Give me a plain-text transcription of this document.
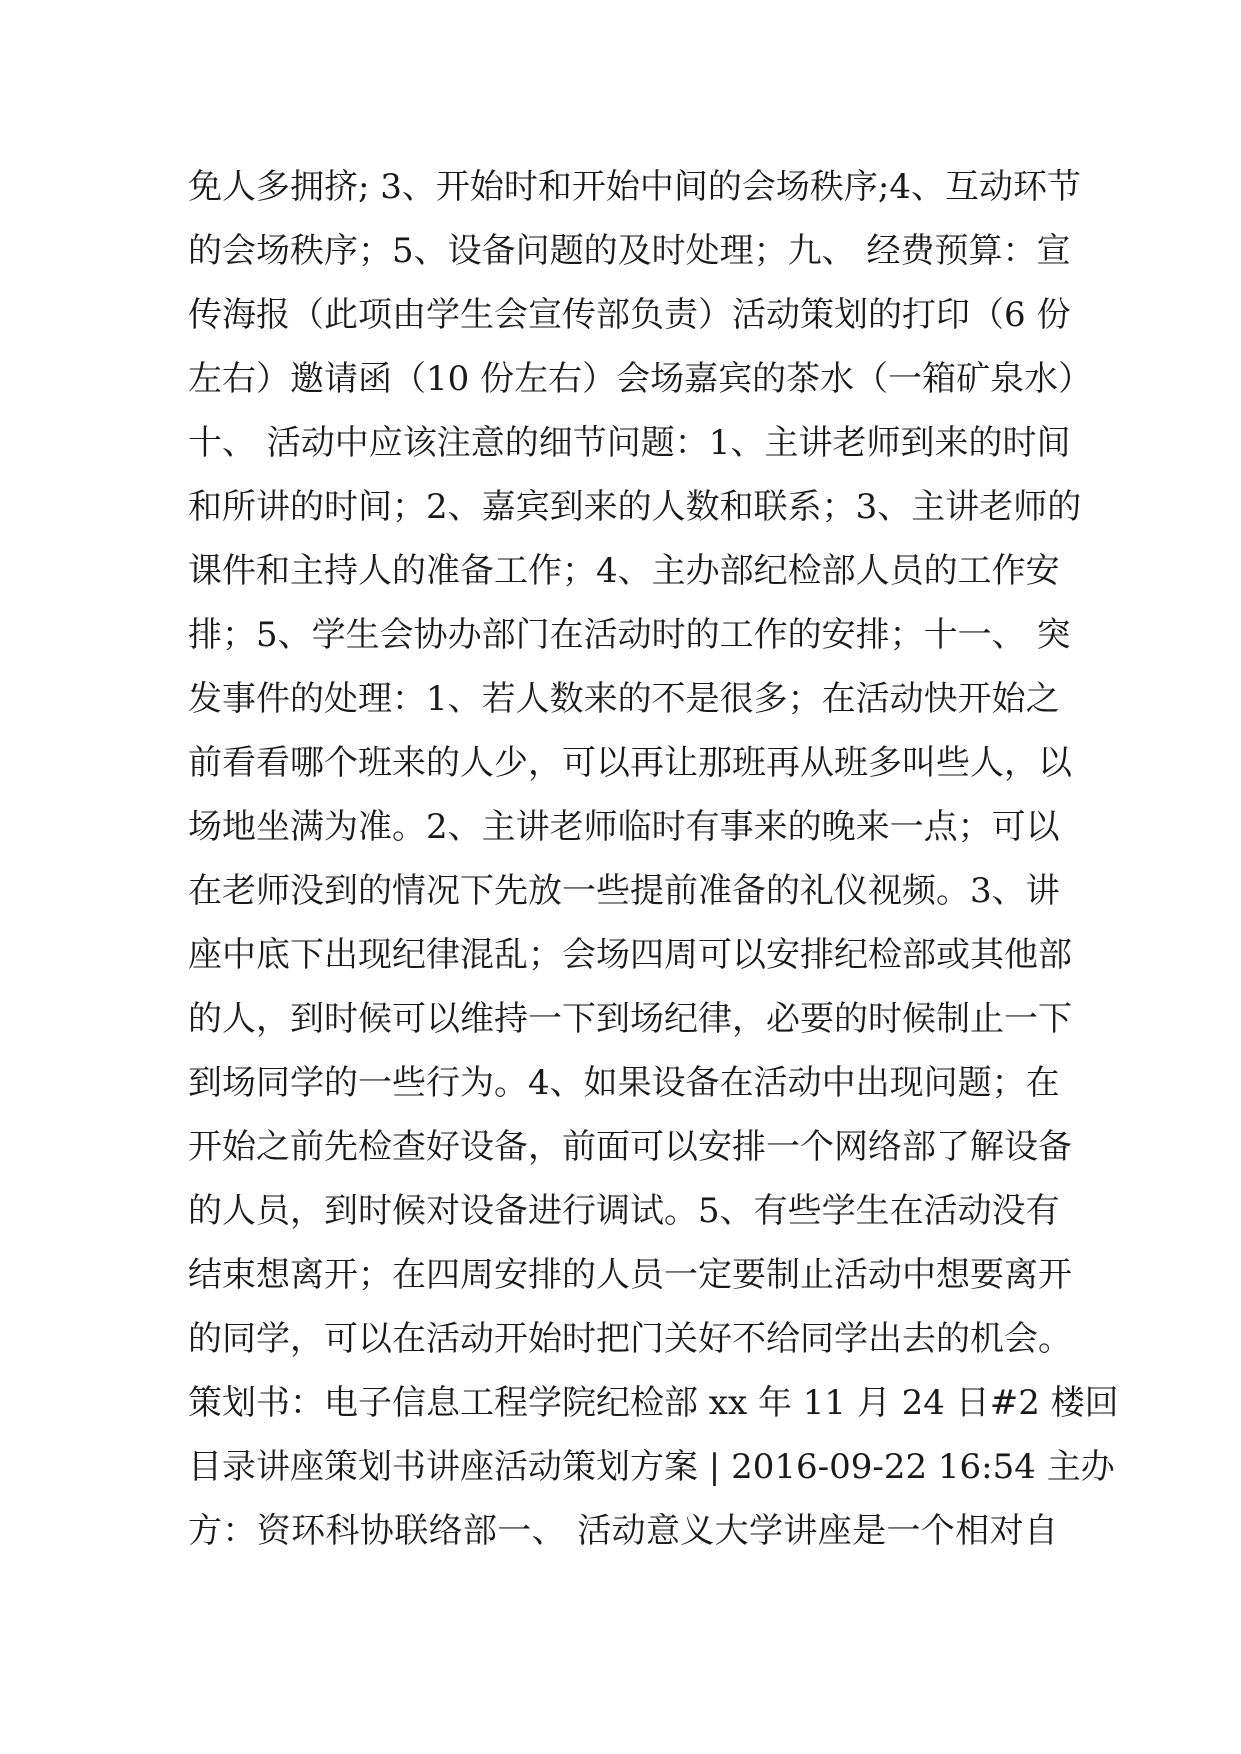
免人多拥挤; 3、开始时和开始中间的会场秩序;4、互动环节
的会场秩序；5、设备问题的及时处理；九、 经费预算：宣
传海报（此项由学生会宣传部负责）活动策划的打印（6 份
左右）邀请函（10 份左右）会场嘉宾的茶水（一箱矿泉水）
十、 活动中应该注意的细节问题：1、主讲老师到来的时间
和所讲的时间；2、嘉宾到来的人数和联系；3、主讲老师的
课件和主持人的准备工作；4、主办部纪检部人员的工作安
排；5、学生会协办部门在活动时的工作的安排；十一、 突
发事件的处理：1、若人数来的不是很多；在活动快开始之
前看看哪个班来的人少，可以再让那班再从班多叫些人，以
场地坐满为准。2、主讲老师临时有事来的晚来一点；可以
在老师没到的情况下先放一些提前准备的礼仪视频。3、讲
座中底下出现纪律混乱；会场四周可以安排纪检部或其他部
的人，到时候可以维持一下到场纪律，必要的时候制止一下
到场同学的一些行为。4、如果设备在活动中出现问题；在
开始之前先检查好设备，前面可以安排一个网络部了解设备
的人员，到时候对设备进行调试。5、有些学生在活动没有
结束想离开；在四周安排的人员一定要制止活动中想要离开
的同学，可以在活动开始时把门关好不给同学出去的机会。
策划书：电子信息工程学院纪检部 xx 年 11 月 24 日#2 楼回
目录讲座策划书讲座活动策划方案 | 2016-09-22 16:54 主办
方：资环科协联络部一、 活动意义大学讲座是一个相对自
